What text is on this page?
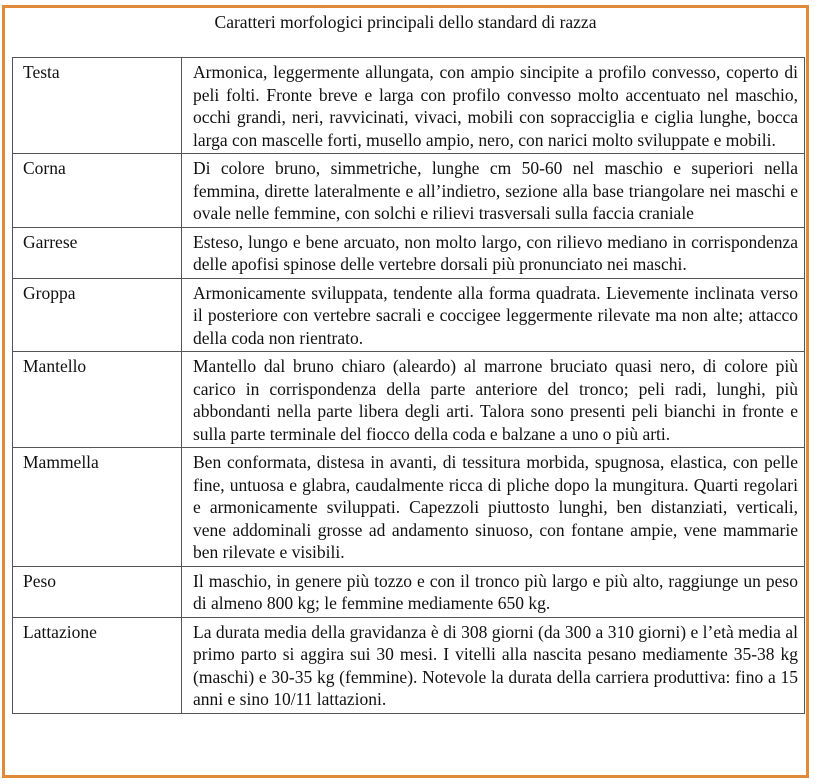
Caratteri morfologici principali dello standard di razza
Testa	Armonica, leggermente allungata, con ampio sincipite a profilo convesso, coperto di peli folti. Fronte breve e larga con profilo convesso molto accentuato nel maschio, occhi grandi, neri, ravvicinati, vivaci, mobili con sopracciglia e ciglia lunghe, bocca larga con mascelle forti, musello ampio, nero, con narici molto sviluppate e mobili.
Corna	Di colore bruno, simmetriche, lunghe cm 50-60 nel maschio e superiori nella femmina, dirette lateralmente e all’indietro, sezione alla base triangolare nei maschi e ovale nelle femmine, con solchi e rilievi trasversali sulla faccia craniale
Garrese	Esteso, lungo e bene arcuato, non molto largo, con rilievo mediano in corrispondenza delle apofisi spinose delle vertebre dorsali più pronunciato nei maschi.
Groppa	Armonicamente sviluppata, tendente alla forma quadrata. Lievemente inclinata verso il posteriore con vertebre sacrali e coccigee leggermente rilevate ma non alte; attacco della coda non rientrato.
Mantello	Mantello dal bruno chiaro (aleardo) al marrone bruciato quasi nero, di colore più carico in corrispondenza della parte anteriore del tronco; peli radi, lunghi, più abbondanti nella parte libera degli arti. Talora sono presenti peli bianchi in fronte e sulla parte terminale del fiocco della coda e balzane a uno o più arti.
Mammella	Ben conformata, distesa in avanti, di tessitura morbida, spugnosa, elastica, con pelle fine, untuosa e glabra, caudalmente ricca di pliche dopo la mungitura. Quarti regolari e armonicamente sviluppati. Capezzoli piuttosto lunghi, ben distanziati, verticali, vene addominali grosse ad andamento sinuoso, con fontane ampie, vene mammarie ben rilevate e visibili.
Peso	Il maschio, in genere più tozzo e con il tronco più largo e più alto, raggiunge un peso di almeno 800 kg; le femmine mediamente 650 kg.
Lattazione	La durata media della gravidanza è di 308 giorni (da 300 a 310 giorni) e l’età media al primo parto si aggira sui 30 mesi. I vitelli alla nascita pesano mediamente 35-38 kg (maschi) e 30-35 kg (femmine). Notevole la durata della carriera produttiva: fino a 15 anni e sino 10/11 lattazioni.
